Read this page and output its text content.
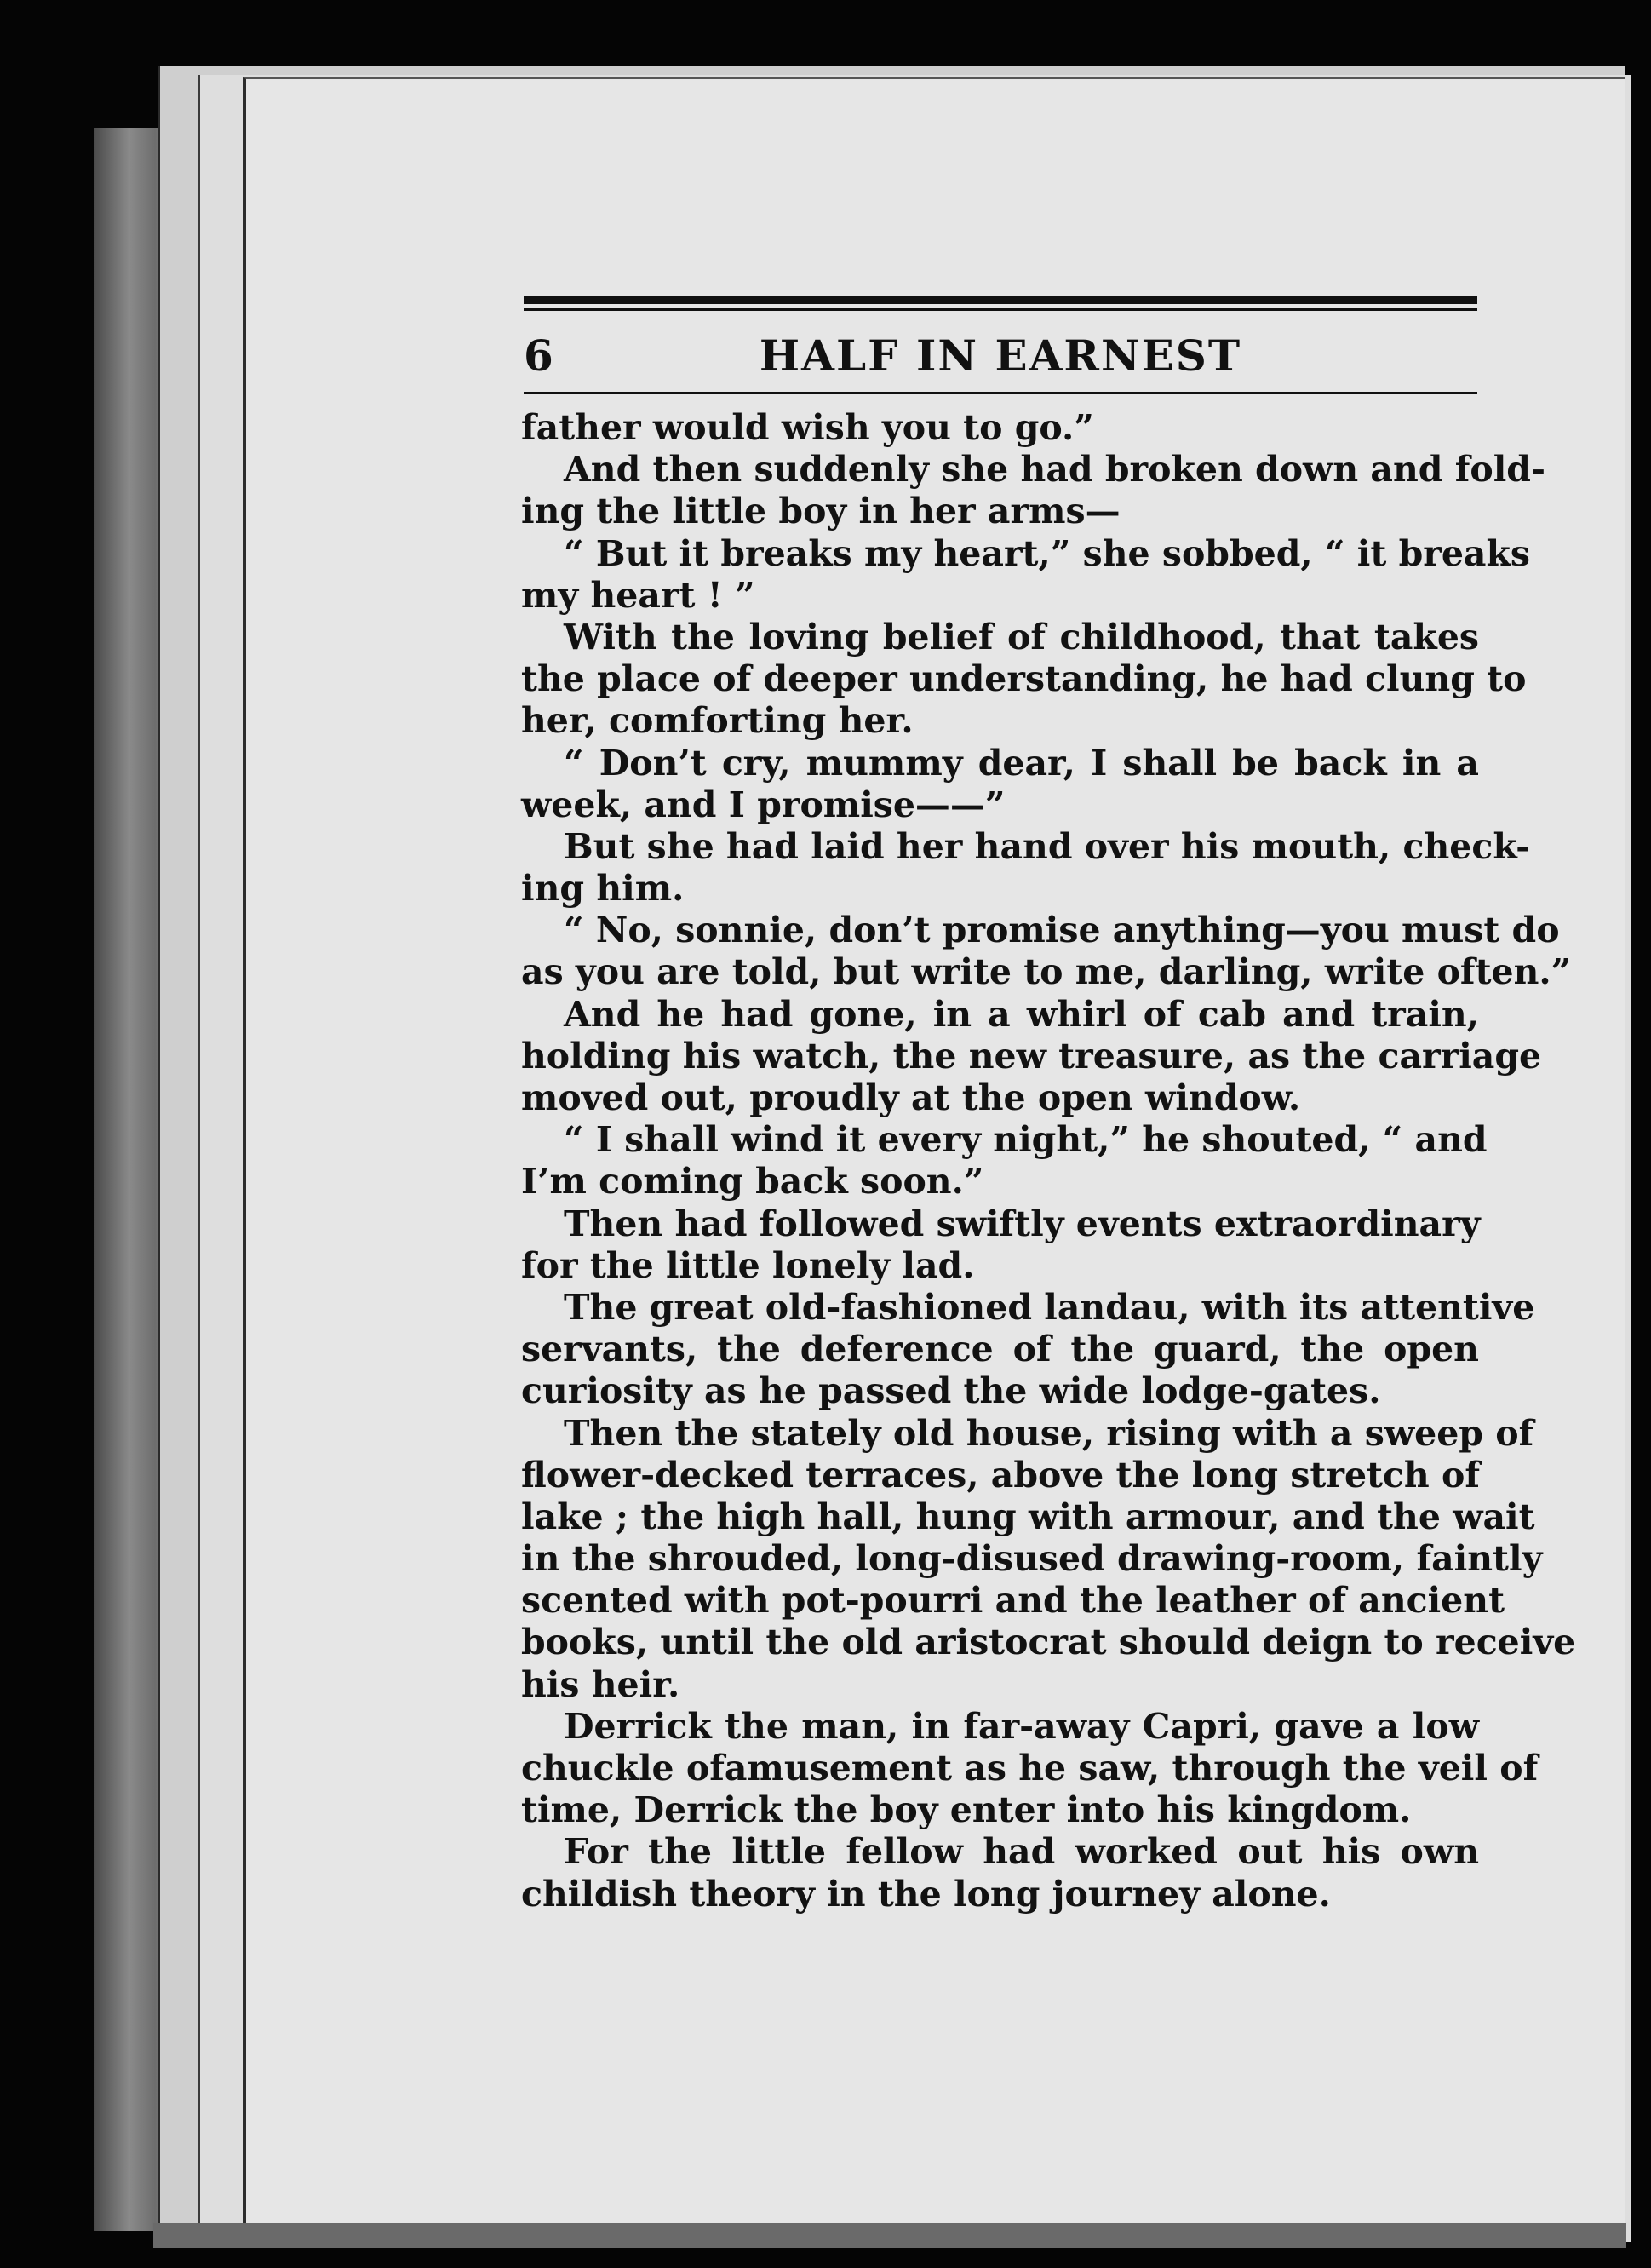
6	HALF IN EARNEST
father would wish you to go.”
And then suddenly she had broken down and fold-
ing the little boy in her arms—
“ But it breaks my heart,” she sobbed, “ it breaks
my heart ! ”
With the loving belief of childhood, that takes
the place of deeper understanding, he had clung to
her, comforting her.
“ Don’t cry, mummy dear, I shall be back in a
week, and I promise——”
But she had laid her hand over his mouth, check-
ing him.
“ No, sonnie, don’t promise anything—you must do
as you are told, but write to me, darling, write often.”
And he had gone, in a whirl of cab and train,
holding his watch, the new treasure, as the carriage
moved out, proudly at the open window.
“ I shall wind it every night,” he shouted, “ and
I’m coming back soon.”
Then had followed swiftly events extraordinary
for the little lonely lad.
The great old-fashioned landau, with its attentive
servants, the deference of the guard, the open
curiosity as he passed the wide lodge-gates.
Then the stately old house, rising with a sweep of
flower-decked terraces, above the long stretch of
lake ; the high hall, hung with armour, and the wait
in the shrouded, long-disused drawing-room, faintly
scented with pot-pourri and the leather of ancient
books, until the old aristocrat should deign to receive
his heir.
Derrick the man, in far-away Capri, gave a low
chuckle ofamusement as he saw, through the veil of
time, Derrick the boy enter into his kingdom.
For the little fellow had worked out his own
childish theory in the long journey alone.
